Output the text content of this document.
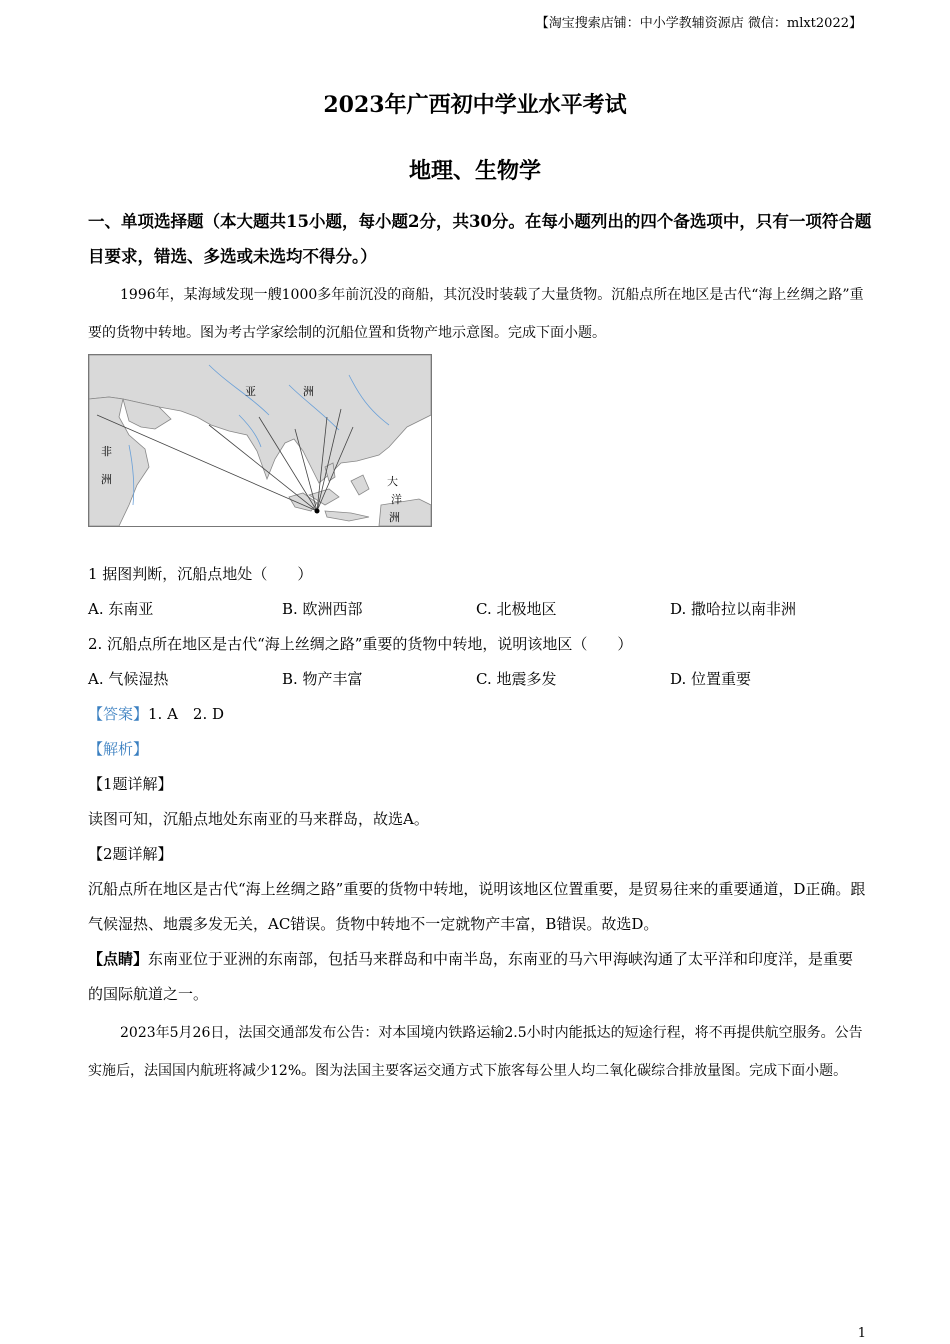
【淘宝搜索店铺：中小学教辅资源店 微信：mlxt2022】
2023年广西初中学业水平考试
地理、生物学
一、单项选择题（本大题共15小题，每小题2分，共30分。在每小题列出的四个备选项中，只有一项符合题目要求，错选、多选或未选均不得分。）
1996年，某海域发现一艘1000多年前沉没的商船，其沉没时装载了大量货物。沉船点所在地区是古代“海上丝绸之路”重要的货物中转地。图为考古学家绘制的沉船位置和货物产地示意图。完成下面小题。
亚	洲
非
洲	大
洋
洲
1 据图判断，沉船点地处（　　）
A. 东南亚	B. 欧洲西部	C. 北极地区	D. 撒哈拉以南非洲
2. 沉船点所在地区是古代“海上丝绸之路”重要的货物中转地，说明该地区（　　）
A. 气候湿热	B. 物产丰富	C. 地震多发	D. 位置重要
【答案】1. A　2. D
【解析】
【1题详解】
读图可知，沉船点地处东南亚的马来群岛，故选A。
【2题详解】
沉船点所在地区是古代“海上丝绸之路”重要的货物中转地，说明该地区位置重要，是贸易往来的重要通道，D正确。跟气候湿热、地震多发无关，AC错误。货物中转地不一定就物产丰富，B错误。故选D。
【点睛】东南亚位于亚洲的东南部，包括马来群岛和中南半岛，东南亚的马六甲海峡沟通了太平洋和印度洋，是重要的国际航道之一。
2023年5月26日，法国交通部发布公告：对本国境内铁路运输2.5小时内能抵达的短途行程，将不再提供航空服务。公告实施后，法国国内航班将减少12%。图为法国主要客运交通方式下旅客每公里人均二氧化碳综合排放量图。完成下面小题。
1
